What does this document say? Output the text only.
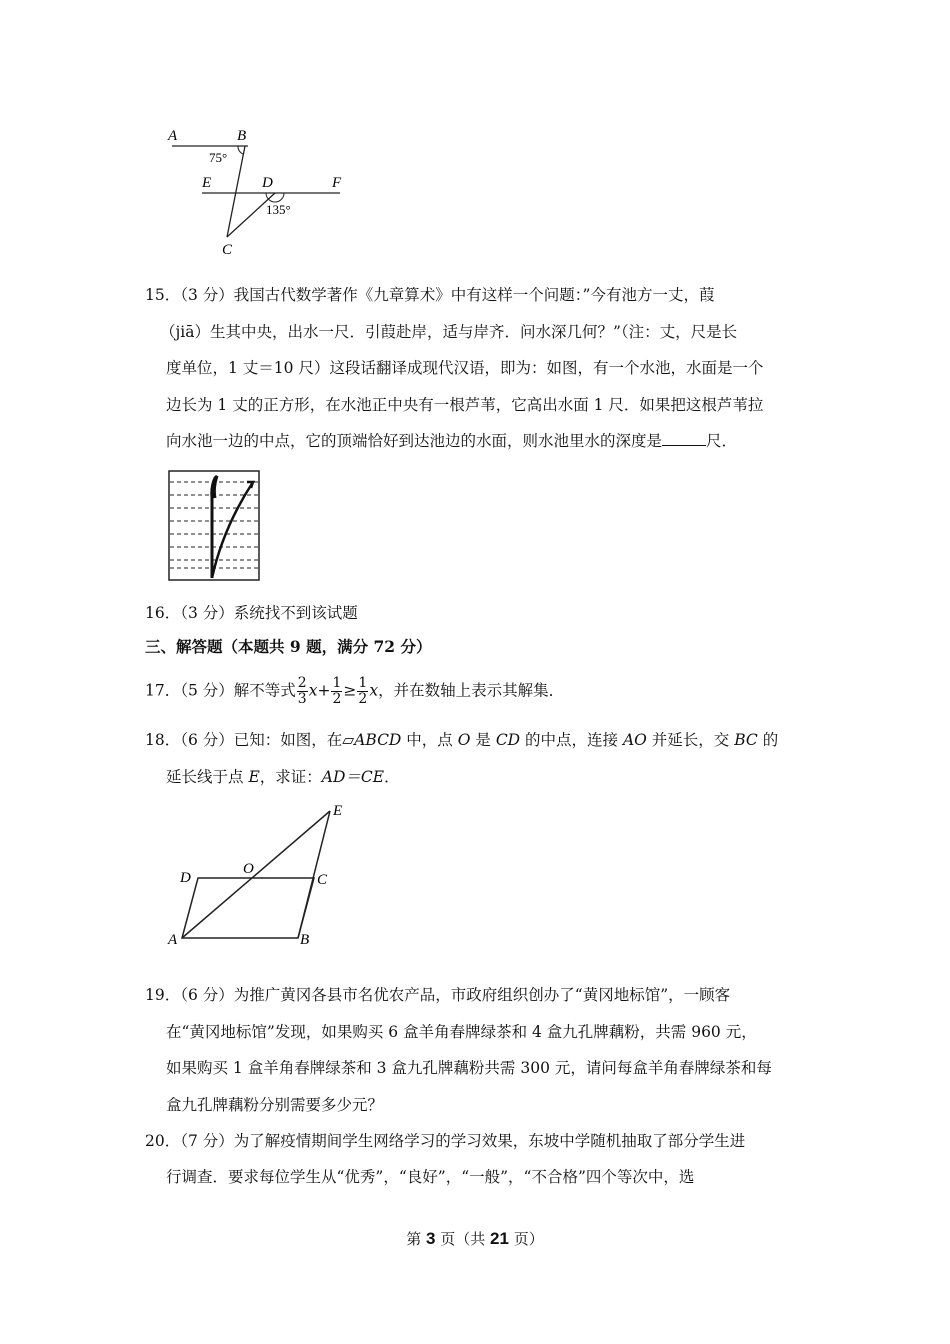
A	B
75°
E	D	F
135°
C
15．（3 分）我国古代数学著作《九章算术》中有这样一个问题：”今有池方一丈，葭
（jiā）生其中央，出水一尺．引葭赴岸，适与岸齐．问水深几何？”（注：丈，尺是长
度单位，1 丈＝10 尺）这段话翻译成现代汉语，即为：如图，有一个水池，水面是一个
边长为 1 丈的正方形，在水池正中央有一根芦苇，它高出水面 1 尺．如果把这根芦苇拉
向水池一边的中点，它的顶端恰好到达池边的水面，则水池里水的深度是	尺．
16．（3 分）系统找不到该试题
三、解答题（本题共 9 题，满分 72 分）
17．（5 分）解不等式 $\frac{2}{3} x+ \frac{1}{2} \ge \frac{1}{2}$ x，并在数轴上表示其解集．
18．（6 分）已知：如图，在▱ABCD 中，点 O 是 CD 的中点，连接 AO 并延长，交 BC 的
延长线于点 E，求证：AD＝CE．
E
D
O
C
A	B
19．（6 分）为推广黄冈各县市名优农产品，市政府组织创办了“黄冈地标馆”，一顾客
在“黄冈地标馆”发现，如果购买 6 盒羊角春牌绿茶和 4 盒九孔牌藕粉，共需 960 元，
如果购买 1 盒羊角春牌绿茶和 3 盒九孔牌藕粉共需 300 元，请问每盒羊角春牌绿茶和每
盒九孔牌藕粉分别需要多少元？
20．（7 分）为了解疫情期间学生网络学习的学习效果，东坡中学随机抽取了部分学生进
行调查．要求每位学生从“优秀”，“良好”，“一般”，“不合格”四个等次中，选
第 3 页（共 21 页）
